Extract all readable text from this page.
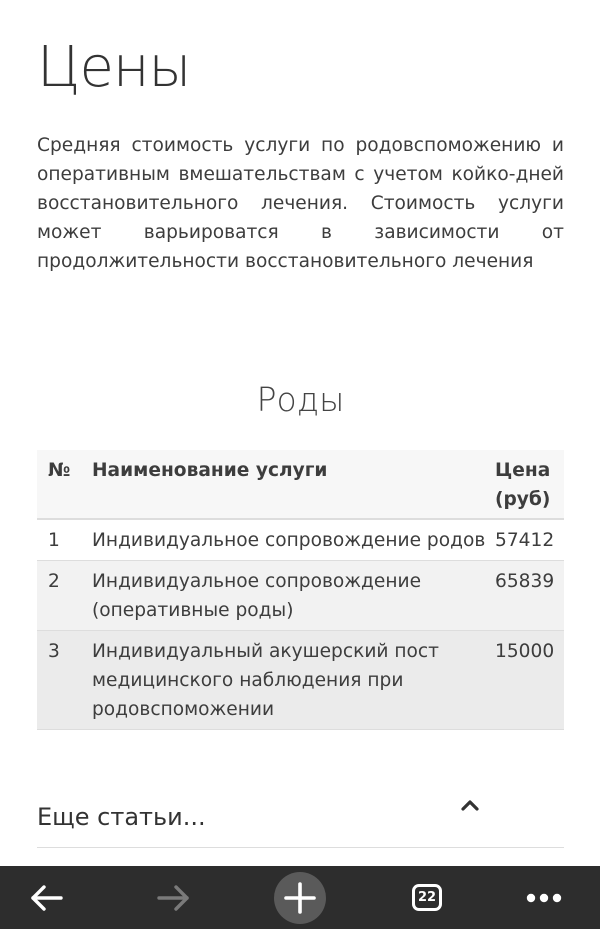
Цены

Средняя стоимость услуги по родовспоможению и оперативным вмешательствам с учетом койко-дней восстановительного лечения. Стоимость услуги может варьироватся в зависимости от продолжительности восстановительного лечения

Роды
№	Наименование услуги	Цена (руб)
1	Индивидуальное сопровождение родов	57412
2	Индивидуальное сопровождение (оперативные роды)	65839
3	Индивидуальный акушерский пост медицинского наблюдения при родовспоможении	15000
Еще статьи...
22
